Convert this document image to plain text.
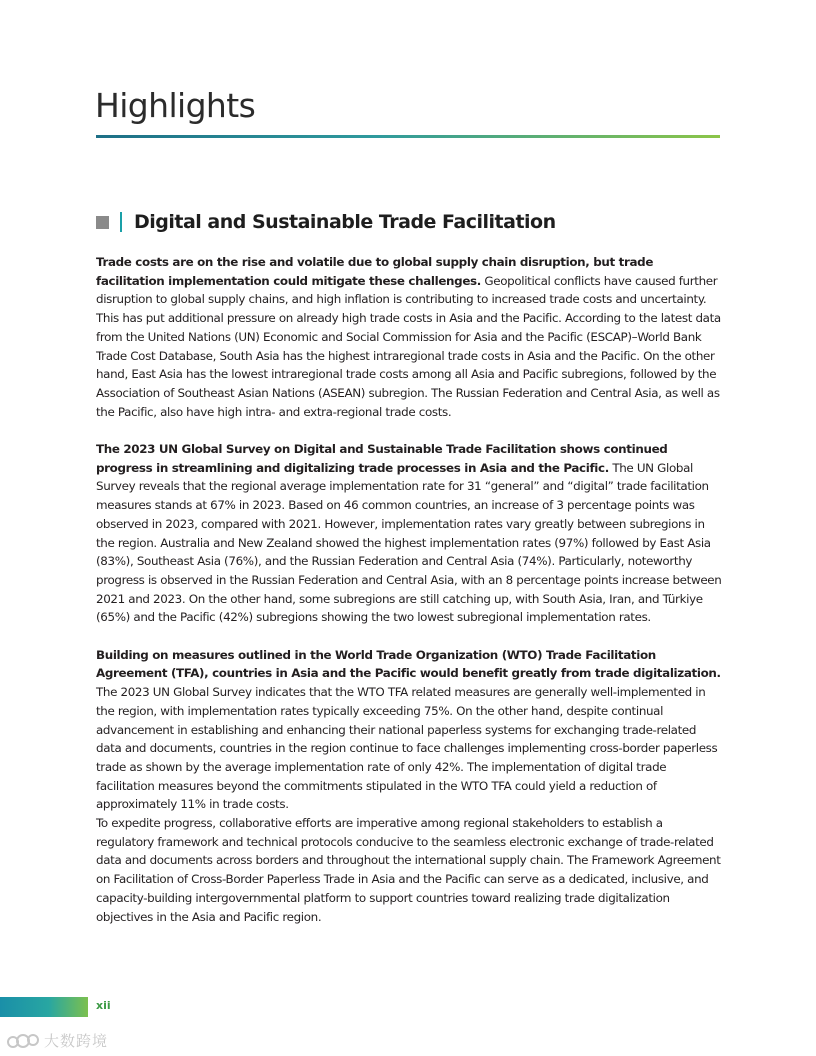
Highlights
Digital and Sustainable Trade Facilitation

Trade costs are on the rise and volatile due to global supply chain disruption, but trade facilitation implementation could mitigate these challenges. Geopolitical conflicts have caused further disruption to global supply chains, and high inflation is contributing to increased trade costs and uncertainty. This has put additional pressure on already high trade costs in Asia and the Pacific. According to the latest data from the United Nations (UN) Economic and Social Commission for Asia and the Pacific (ESCAP)–World Bank Trade Cost Database, South Asia has the highest intraregional trade costs in Asia and the Pacific. On the other hand, East Asia has the lowest intraregional trade costs among all Asia and Pacific subregions, followed by the Association of Southeast Asian Nations (ASEAN) subregion. The Russian Federation and Central Asia, as well as the Pacific, also have high intra- and extra-regional trade costs.

The 2023 UN Global Survey on Digital and Sustainable Trade Facilitation shows continued progress in streamlining and digitalizing trade processes in Asia and the Pacific. The UN Global Survey reveals that the regional average implementation rate for 31 “general” and “digital” trade facilitation measures stands at 67% in 2023. Based on 46 common countries, an increase of 3 percentage points was observed in 2023, compared with 2021. However, implementation rates vary greatly between subregions in the region. Australia and New Zealand showed the highest implementation rates (97%) followed by East Asia (83%), Southeast Asia (76%), and the Russian Federation and Central Asia (74%). Particularly, noteworthy progress is observed in the Russian Federation and Central Asia, with an 8 percentage points increase between 2021 and 2023. On the other hand, some subregions are still catching up, with South Asia, Iran, and Türkiye (65%) and the Pacific (42%) subregions showing the two lowest subregional implementation rates.

Building on measures outlined in the World Trade Organization (WTO) Trade Facilitation Agreement (TFA), countries in Asia and the Pacific would benefit greatly from trade digitalization. The 2023 UN Global Survey indicates that the WTO TFA related measures are generally well-implemented in the region, with implementation rates typically exceeding 75%. On the other hand, despite continual advancement in establishing and enhancing their national paperless systems for exchanging trade-related data and documents, countries in the region continue to face challenges implementing cross-border paperless trade as shown by the average implementation rate of only 42%. The implementation of digital trade facilitation measures beyond the commitments stipulated in the WTO TFA could yield a reduction of approximately 11% in trade costs.

To expedite progress, collaborative efforts are imperative among regional stakeholders to establish a regulatory framework and technical protocols conducive to the seamless electronic exchange of trade-related data and documents across borders and throughout the international supply chain. The Framework Agreement on Facilitation of Cross-Border Paperless Trade in Asia and the Pacific can serve as a dedicated, inclusive, and capacity-building intergovernmental platform to support countries toward realizing trade digitalization objectives in the Asia and Pacific region.

xii
大数跨境
